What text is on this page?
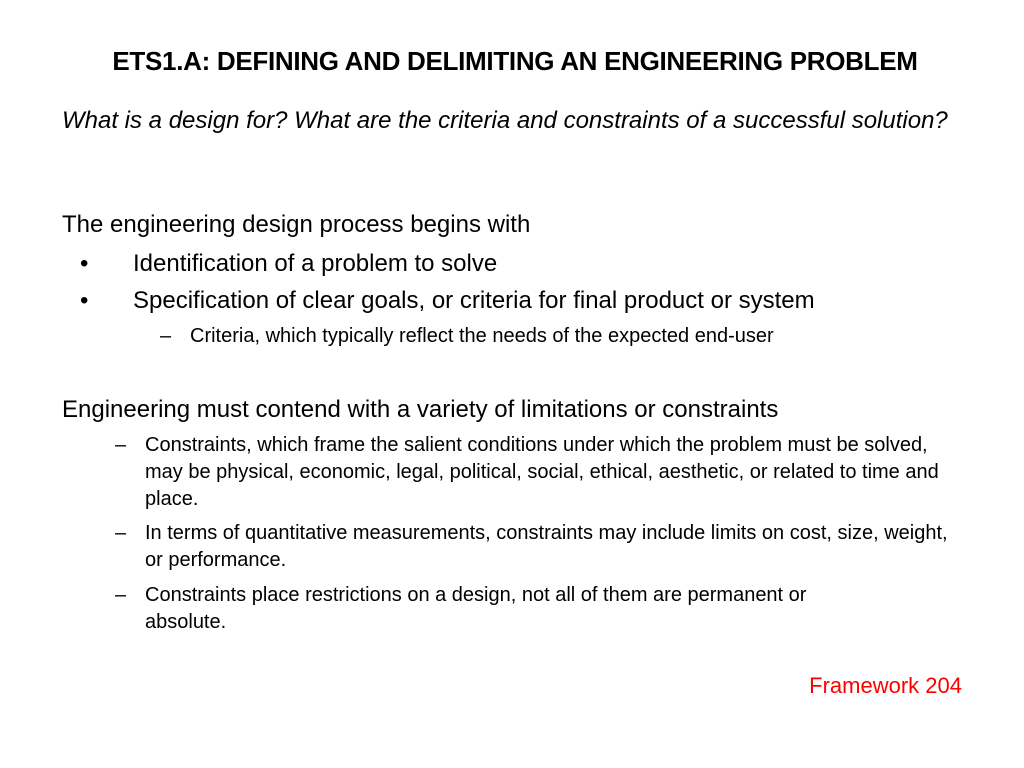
ETS1.A: DEFINING AND DELIMITING AN ENGINEERING PROBLEM
What is a design for? What are the criteria and constraints of a successful solution?
The engineering design process begins with
•	Identification of a problem to solve
•	Specification of clear goals, or criteria for final product or system
– Criteria, which typically reflect the needs of the expected end-user
Engineering must contend with a variety of limitations or constraints
– Constraints, which frame the salient conditions under which the problem must be solved, may be physical, economic, legal, political, social, ethical, aesthetic, or related to time and place.
– In terms of quantitative measurements, constraints may include limits on cost, size, weight, or performance.
– Constraints place restrictions on a design, not all of them are permanent or absolute.
Framework 204
